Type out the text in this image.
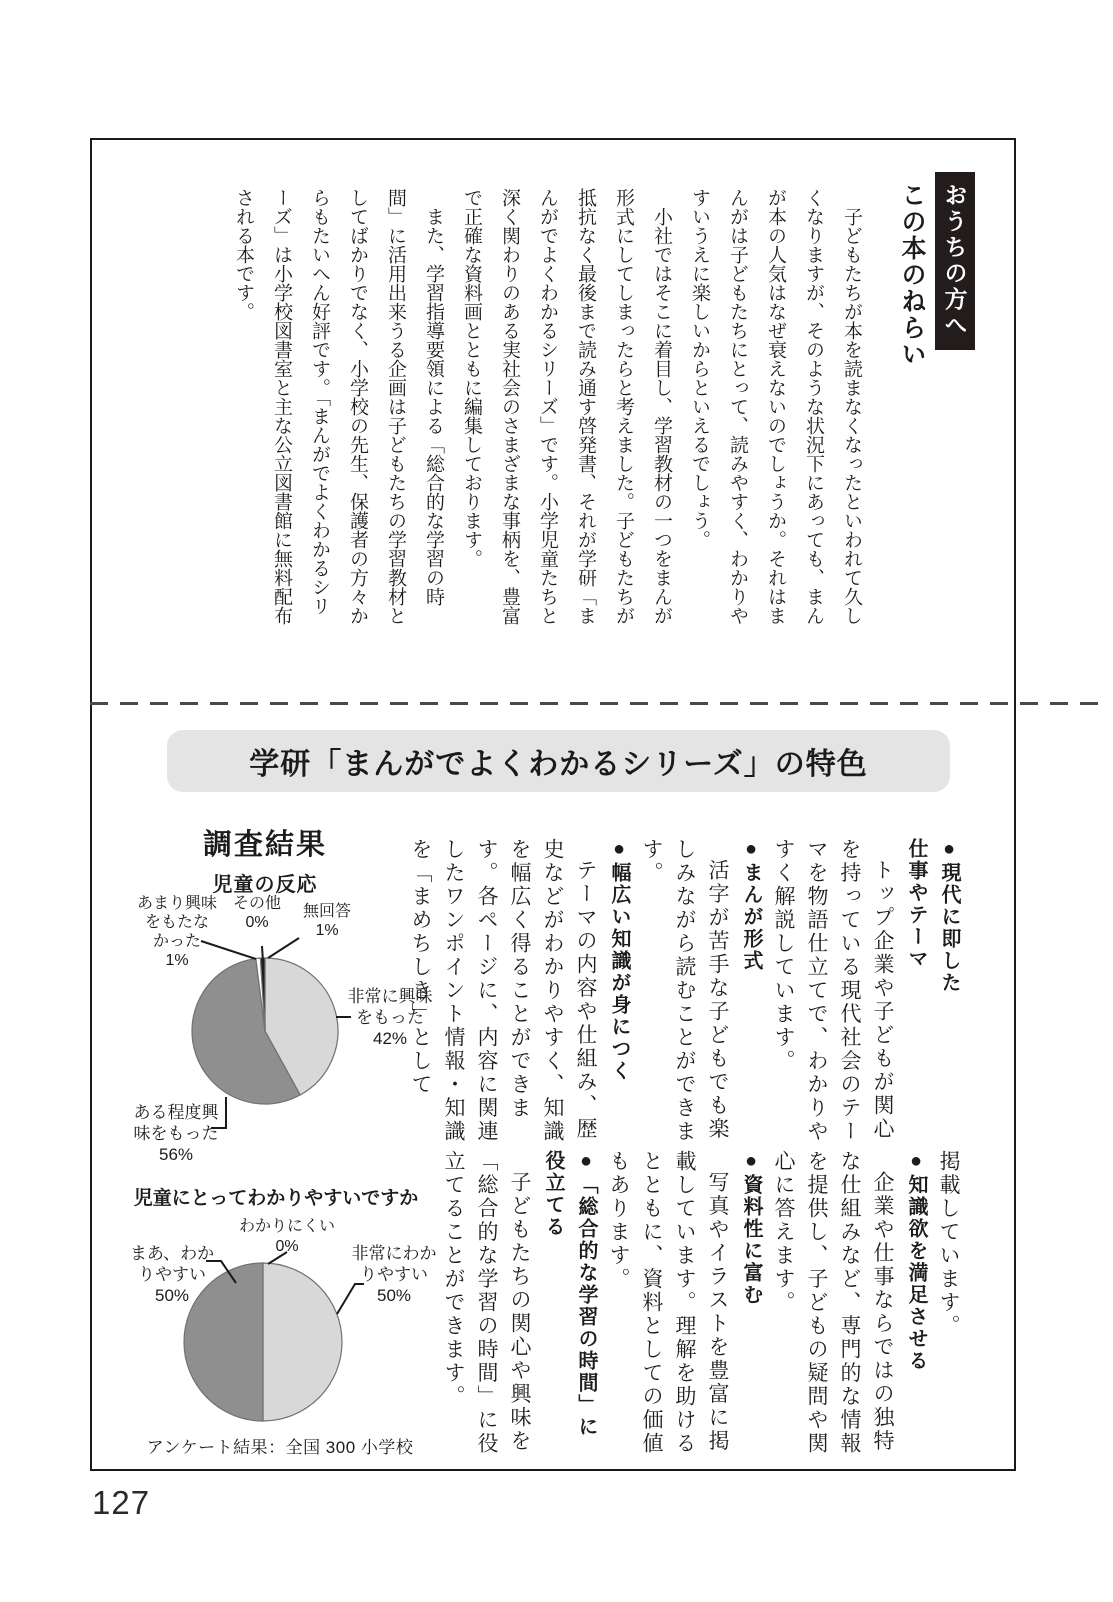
おうちの方へ
この本のねらい

子どもたちが本を読まなくなったといわれて久しくなりますが、そのような状況下にあっても、まんが本の人気はなぜ衰えないのでしょうか。それはまんがは子どもたちにとって、読みやすく、わかりやすいうえに楽しいからといえるでしょう。

小社ではそこに着目し、学習教材の一つをまんが形式にしてしまったらと考えました。子どもたちが抵抗なく最後まで読み通す啓発書、それが学研「まんがでよくわかるシリーズ」です。小学児童たちと深く関わりのある実社会のさまざまな事柄を、豊富で正確な資料画とともに編集しております。

また、学習指導要領による「総合的な学習の時間」に活用出来うる企画は子どもたちの学習教材としてばかりでなく、小学校の先生、保護者の方々からもたいへん好評です。「まんがでよくわかるシリーズ」は小学校図書室と主な公立図書館に無料配布される本です。

学研「まんがでよくわかるシリーズ」の特色

●現代に即した

仕事やテーマ

トップ企業や子どもが関心を持っている現代社会のテーマを物語仕立てで、わかりやすく解説しています。

●まんが形式

活字が苦手な子どもでも楽しみながら読むことができます。

●幅広い知識が身につく

テーマの内容や仕組み、歴史などがわかりやすく、知識を幅広く得ることができます。各ページに、内容に関連したワンポイント情報・知識を「まめちしき」として

掲載しています。

●知識欲を満足させる

企業や仕事ならではの独特な仕組みなど、専門的な情報を提供し、子どもの疑問や関心に答えます。

●資料性に富む

写真やイラストを豊富に掲載しています。理解を助けるとともに、資料としての価値もあります。

●「総合的な学習の時間」に

役立てる

子どもたちの関心や興味を「総合的な学習の時間」に役立てることができます。

調査結果
児童の反応
あまり興味
をもたな
かった
1%
その他
0%
無回答
1%
非常に興味
をもった
42%
ある程度興
味をもった
56%
児童にとってわかりやすいですか
わかりにくい
0%
まあ、わか
りやすい
50%
非常にわか
りやすい
50%
アンケート結果：全国 300 小学校
127
